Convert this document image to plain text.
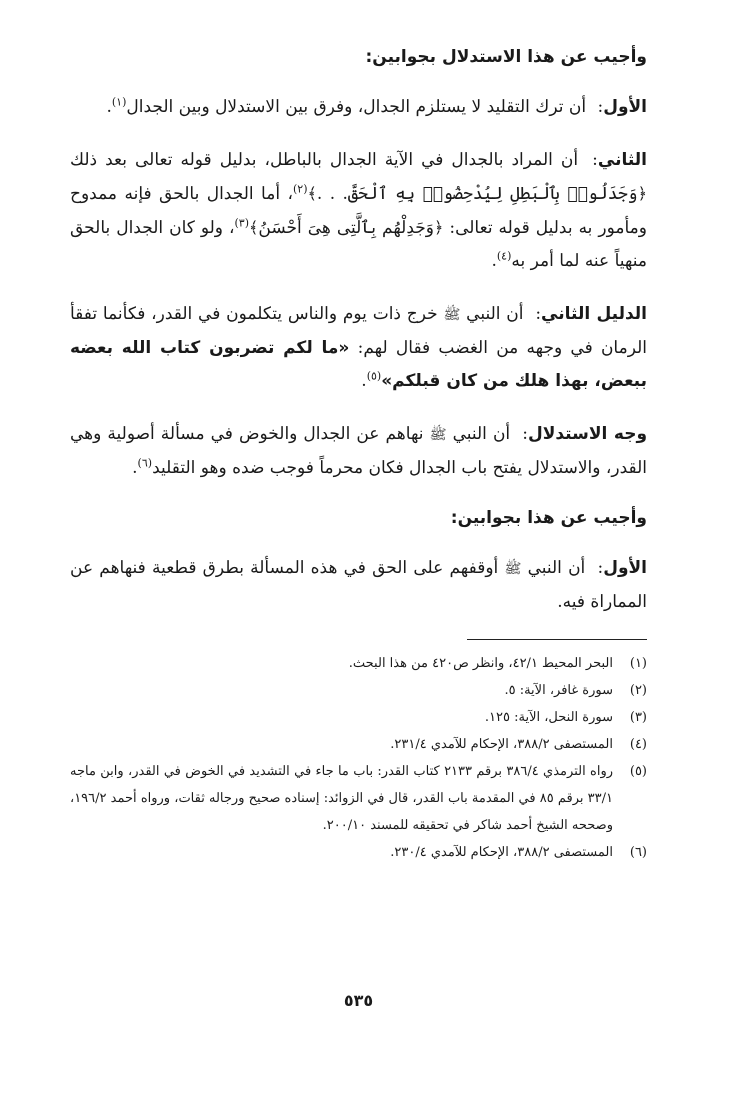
وأجيب عن هذا الاستدلال بجوابين:

الأول: أن ترك التقليد لا يستلزم الجدال، وفرق بين الاستدلال وبين الجدال$^{(١)}$.

الثاني: أن المراد بالجدال في الآية الجدال بالباطل، بدليل قوله تعالى بعد ذلك ﴿وَجَدَلُوا۟ بِٱلْبَطِلِ لِيُدْحِضُوا۟ بِهِ ٱلْحَقَّ. . .﴾$^{(٢)}$، أما الجدال بالحق فإنه ممدوح ومأمور به بدليل قوله تعالى: ﴿وَجَدِلْهُم بِٱلَّتِى هِىَ أَحْسَنُ﴾$^{(٣)}$، ولو كان الجدال بالحق منهياً عنه لما أمر به$^{(٤)}$.

الدليل الثاني: أن النبي ﷺ خرج ذات يوم والناس يتكلمون في القدر، فكأنما تفقأ الرمان في وجهه من الغضب فقال لهم: «ما لكم تضربون كتاب الله بعضه ببعض، بهذا هلك من كان قبلكم»$^{(٥)}$.

وجه الاستدلال: أن النبي ﷺ نهاهم عن الجدال والخوض في مسألة أصولية وهي القدر، والاستدلال يفتح باب الجدال فكان محرماً فوجب ضده وهو التقليد$^{(٦)}$.

وأجيب عن هذا بجوابين:

الأول: أن النبي ﷺ أوقفهم على الحق في هذه المسألة بطرق قطعية فنهاهم عن المماراة فيه.

(١)
البحر المحيط ٤٢/١، وانظر ص٤٢٠ من هذا البحث.
(٢)
سورة غافر، الآية: ٥.
(٣)
سورة النحل، الآية: ١٢٥.
(٤)
المستصفى ٣٨٨/٢، الإحكام للآمدي ٢٣١/٤.
(٥)
رواه الترمذي ٣٨٦/٤ برقم ٢١٣٣ كتاب القدر: باب ما جاء في التشديد في الخوض في القدر، وابن ماجه ٣٣/١ برقم ٨٥ في المقدمة باب القدر، قال في الزوائد: إسناده صحيح ورجاله ثقات، ورواه أحمد ١٩٦/٢، وصححه الشيخ أحمد شاكر في تحقيقه للمسند ٢٠٠/١٠.
(٦)
المستصفى ٣٨٨/٢، الإحكام للآمدي ٢٣٠/٤.
٥٣٥
